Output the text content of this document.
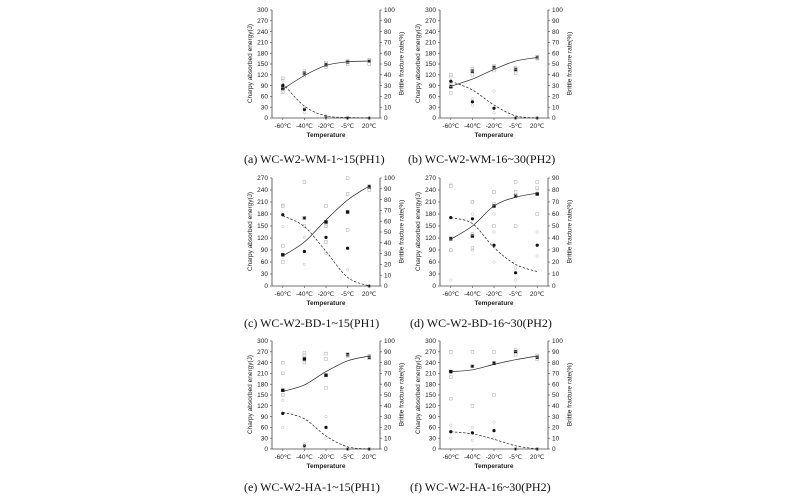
0
30
60
90
120
150
180
210
240
270
300
0
10
20
30
40
50
60
70
80
90
100
-60℃ -40℃ -20℃ -5℃ 20℃
Charpy absorbed energy(J)	Brittle fracture rate(%)
Temperature
(a) WC-W2-WM-1~15(PH1)
0
30
60
90
120
150
180
210
240
270
300
0
10
20
30
40
50
60
70
80
90
100
-60℃ -40℃ -20℃ -5℃ 20℃
Charpy absorbed energy(J)	Brittle fracture rate(%)
Temperature
(b) WC-W2-WM-16~30(PH2)
0
30
60
90
120
150
180
210
240
270
0
10
20
30
40
50
60
70
80
90
100
-60℃ -40℃ -20℃ -5℃ 20℃
Charpy absorbed energy(J)	Brittle fracture rate(%)
Temperature
(c) WC-W2-BD-1~15(PH1)
0
30
60
90
120
150
180
210
240
270
0
10
20
30
40
50
60
70
80
90
-60℃ -40℃ -20℃ -5℃ 20℃
Charpy absorbed energy(J)	Brittle fracture rate(%)
Temperature
(d) WC-W2-BD-16~30(PH2)
0
30
60
90
120
150
180
210
240
270
300
0
10
20
30
40
50
60
70
80
90
100
-60℃ -40℃ -20℃ -5℃ 20℃
Charpy absorbed energy(J)	Brittle fracture rate(%)
Temperature
(e) WC-W2-HA-1~15(PH1)
0
30
60
90
120
150
180
210
240
270
300
0
10
20
30
40
50
60
70
80
90
100
-60℃ -40℃ -20℃ -5℃ 20℃
Charpy absorbed energy(J)	Brittle fracture rate(%)
Temperature
(f) WC-W2-HA-16~30(PH2)
